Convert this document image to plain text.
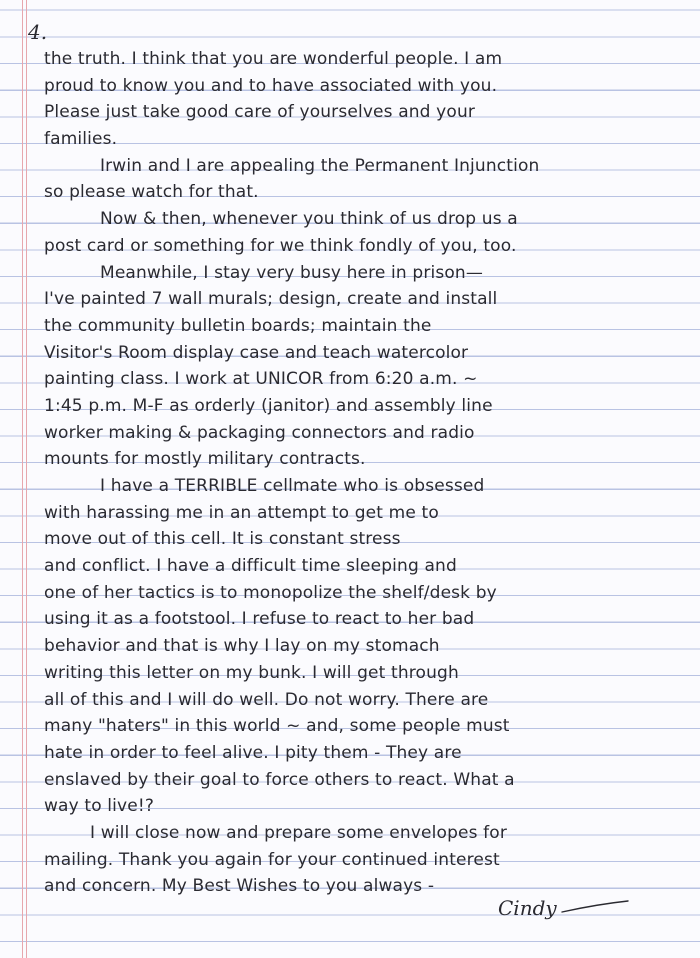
4.
the truth. I think that you are wonderful people. I am
proud to know you and to have associated with you.
Please just take good care of yourselves and your
families.
Irwin and I are appealing the Permanent Injunction
so please watch for that.
Now & then, whenever you think of us drop us a
post card or something for we think fondly of you, too.
Meanwhile, I stay very busy here in prison—
I've painted 7 wall murals; design, create and install
the community bulletin boards; maintain the
Visitor's Room display case and teach watercolor
painting class. I work at UNICOR from 6:20 a.m. ~
1:45 p.m. M-F as orderly (janitor) and assembly line
worker making & packaging connectors and radio
mounts for mostly military contracts.
I have a TERRIBLE cellmate who is obsessed
with harassing me in an attempt to get me to
move out of this cell. It is constant stress
and conflict. I have a difficult time sleeping and
one of her tactics is to monopolize the shelf/desk by
using it as a footstool. I refuse to react to her bad
behavior and that is why I lay on my stomach
writing this letter on my bunk. I will get through
all of this and I will do well. Do not worry. There are
many "haters" in this world ~ and, some people must
hate in order to feel alive. I pity them - They are
enslaved by their goal to force others to react. What a
way to live!?
I will close now and prepare some envelopes for
mailing. Thank you again for your continued interest
and concern. My Best Wishes to you always -
Cindy
